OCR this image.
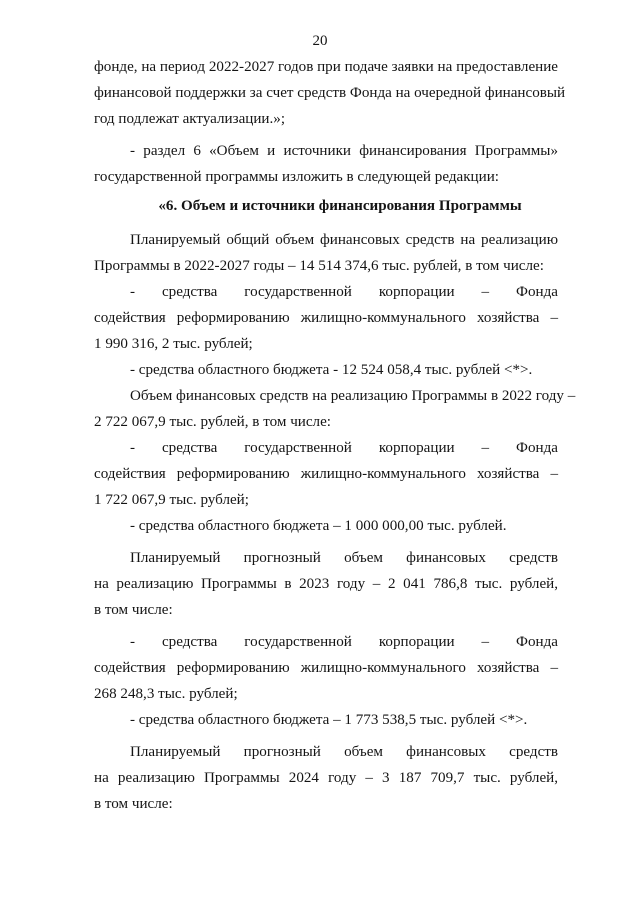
20
фонде, на период 2022-2027 годов при подаче заявки на предоставление
финансовой поддержки за счет средств Фонда на очередной финансовый
год подлежат актуализации.»;
- раздел 6 «Объем и источники финансирования Программы»
государственной программы изложить в следующей редакции:
«6. Объем и источники финансирования Программы
Планируемый общий объем финансовых средств на реализацию
Программы в 2022-2027 годы – 14 514 374,6 тыс. рублей, в том числе:
- средства государственной корпорации – Фонда
содействия реформированию жилищно-коммунального хозяйства –
1 990 316, 2 тыс. рублей;
- средства областного бюджета - 12 524 058,4 тыс. рублей <*>.
Объем финансовых средств на реализацию Программы в 2022 году –
2 722 067,9 тыс. рублей, в том числе:
- средства государственной корпорации – Фонда
содействия реформированию жилищно-коммунального хозяйства –
1 722 067,9 тыс. рублей;
- средства областного бюджета – 1 000 000,00 тыс. рублей.
Планируемый прогнозный объем финансовых средств
на реализацию Программы в 2023 году – 2 041 786,8 тыс. рублей,
в том числе:
- средства государственной корпорации – Фонда
содействия реформированию жилищно-коммунального хозяйства –
268 248,3 тыс. рублей;
- средства областного бюджета – 1 773 538,5 тыс. рублей <*>.
Планируемый прогнозный объем финансовых средств
на реализацию Программы 2024 году – 3 187 709,7 тыс. рублей,
в том числе:
